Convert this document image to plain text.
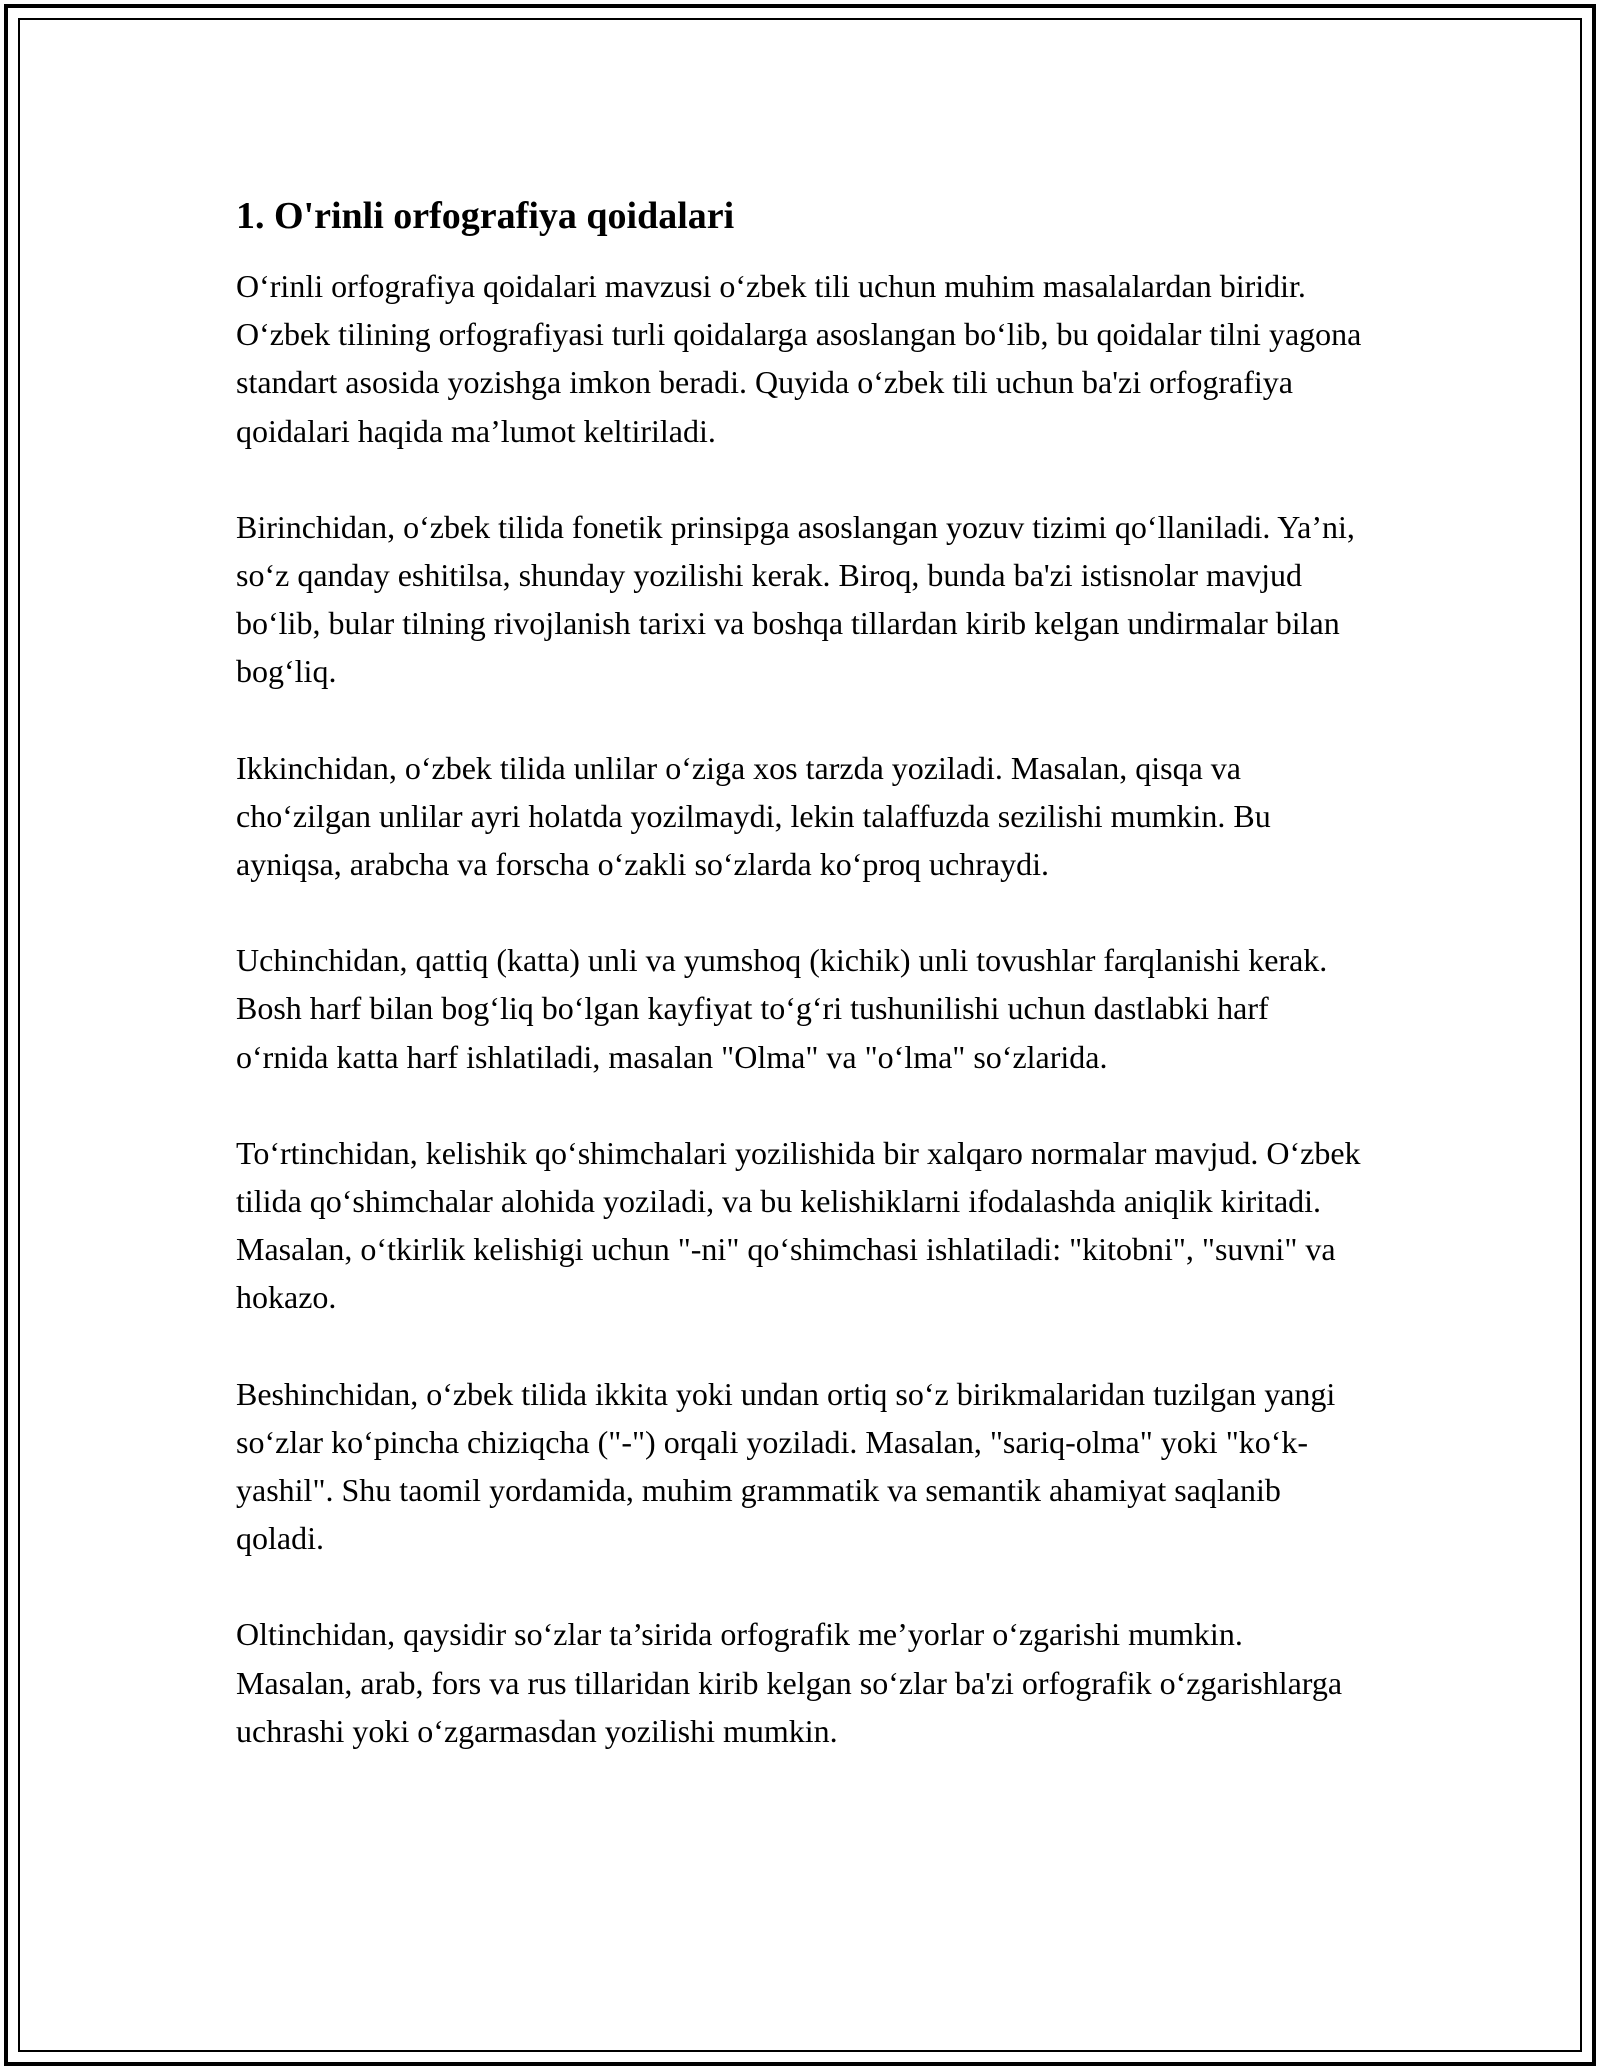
1. O'rinli orfografiya qoidalari

O‘rinli orfografiya qoidalari mavzusi o‘zbek tili uchun muhim masalalardan biridir. O‘zbek tilining orfografiyasi turli qoidalarga asoslangan bo‘lib, bu qoidalar tilni yagona standart asosida yozishga imkon beradi. Quyida o‘zbek tili uchun ba'zi orfografiya qoidalari haqida ma’lumot keltiriladi.

Birinchidan, o‘zbek tilida fonetik prinsipga asoslangan yozuv tizimi qo‘llaniladi. Ya’ni, so‘z qanday eshitilsa, shunday yozilishi kerak. Biroq, bunda ba'zi istisnolar mavjud bo‘lib, bular tilning rivojlanish tarixi va boshqa tillardan kirib kelgan undirmalar bilan bog‘liq.

Ikkinchidan, o‘zbek tilida unlilar o‘ziga xos tarzda yoziladi. Masalan, qisqa va cho‘zilgan unlilar ayri holatda yozilmaydi, lekin talaffuzda sezilishi mumkin. Bu ayniqsa, arabcha va forscha o‘zakli so‘zlarda ko‘proq uchraydi.

Uchinchidan, qattiq (katta) unli va yumshoq (kichik) unli tovushlar farqlanishi kerak. Bosh harf bilan bog‘liq bo‘lgan kayfiyat to‘g‘ri tushunilishi uchun dastlabki harf o‘rnida katta harf ishlatiladi, masalan "Olma" va "o‘lma" so‘zlarida.

To‘rtinchidan, kelishik qo‘shimchalari yozilishida bir xalqaro normalar mavjud. O‘zbek tilida qo‘shimchalar alohida yoziladi, va bu kelishiklarni ifodalashda aniqlik kiritadi. Masalan, o‘tkirlik kelishigi uchun "-ni" qo‘shimchasi ishlatiladi: "kitobni", "suvni" va hokazo.

Beshinchidan, o‘zbek tilida ikkita yoki undan ortiq so‘z birikmalaridan tuzilgan yangi so‘zlar ko‘pincha chiziqcha ("-") orqali yoziladi. Masalan, "sariq-olma" yoki "ko‘k-yashil". Shu taomil yordamida, muhim grammatik va semantik ahamiyat saqlanib qoladi.

Oltinchidan, qaysidir so‘zlar ta’sirida orfografik me’yorlar o‘zgarishi mumkin. Masalan, arab, fors va rus tillaridan kirib kelgan so‘zlar ba'zi orfografik o‘zgarishlarga uchrashi yoki o‘zgarmasdan yozilishi mumkin.
